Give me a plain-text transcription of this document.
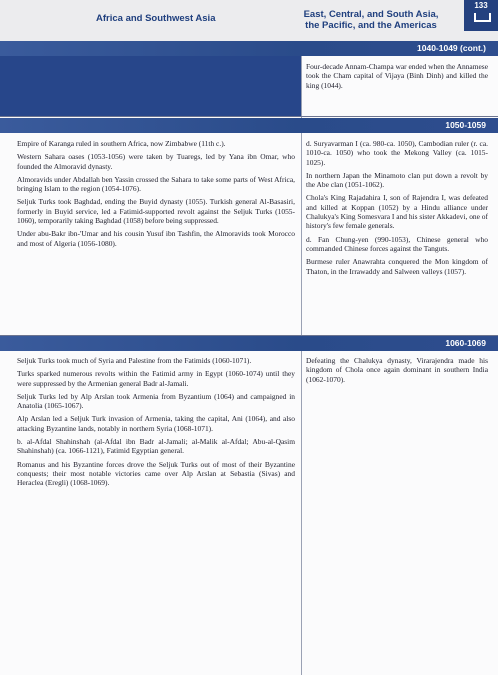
Africa and Southwest Asia	East, Central, and South Asia, the Pacific, and the Americas
133
1040-1049 (cont.)

Four-decade Annam-Champa war ended when the Annamese took the Cham capital of Vijaya (Binh Dinh) and killed the king (1044).

1050-1059

Empire of Karanga ruled in southern Africa, now Zimbabwe (11th c.).

Western Sahara oases (1053-1056) were taken by Tuaregs, led by Yana ibn Omar, who founded the Almoravid dynasty.

Almoravids under Abdallah ben Yassin crossed the Sahara to take some parts of West Africa, bringing Islam to the region (1054-1076).

Seljuk Turks took Baghdad, ending the Buyid dynasty (1055). Turkish general Al-Basasiri, formerly in Buyid service, led a Fatimid-supported revolt against the Seljuk Turks (1055-1060), temporarily taking Baghdad (1058) before being suppressed.

Under abu-Bakr ibn-'Umar and his cousin Yusuf ibn Tashfin, the Almoravids took Morocco and most of Algeria (1056-1080).

d. Suryavarman I (ca. 980-ca. 1050), Cambodian ruler (r. ca. 1010-ca. 1050) who took the Mekong Valley (ca. 1015-1025).

In northern Japan the Minamoto clan put down a revolt by the Abe clan (1051-1062).

Chola's King Rajadahira I, son of Rajendra I, was defeated and killed at Koppan (1052) by a Hindu alliance under Chalukya's King Somesvara I and his sister Akkadevi, one of history's few female generals.

d. Fan Chung-yen (990-1053), Chinese general who commanded Chinese forces against the Tanguts.

Burmese ruler Anawrahta conquered the Mon kingdom of Thaton, in the Irrawaddy and Salween valleys (1057).

1060-1069

Seljuk Turks took much of Syria and Palestine from the Fatimids (1060-1071).

Turks sparked numerous revolts within the Fatimid army in Egypt (1060-1074) until they were suppressed by the Armenian general Badr al-Jamali.

Seljuk Turks led by Alp Arslan took Armenia from Byzantium (1064) and campaigned in Anatolia (1065-1067).

Alp Arslan led a Seljuk Turk invasion of Armenia, taking the capital, Ani (1064), and also attacking Byzantine lands, notably in northern Syria (1068-1071).

b. al-Afdal Shahinshah (al-Afdal ibn Badr al-Jamali; al-Malik al-Afdal; Abu-al-Qasim Shahinshah) (ca. 1066-1121), Fatimid Egyptian general.

Romanus and his Byzantine forces drove the Seljuk Turks out of most of their Byzantine conquests; their most notable victories came over Alp Arslan at Sebastia (Sivas) and Heraclea (Eregli) (1068-1069).

Defeating the Chalukya dynasty, Virarajendra made his kingdom of Chola once again dominant in southern India (1062-1070).
